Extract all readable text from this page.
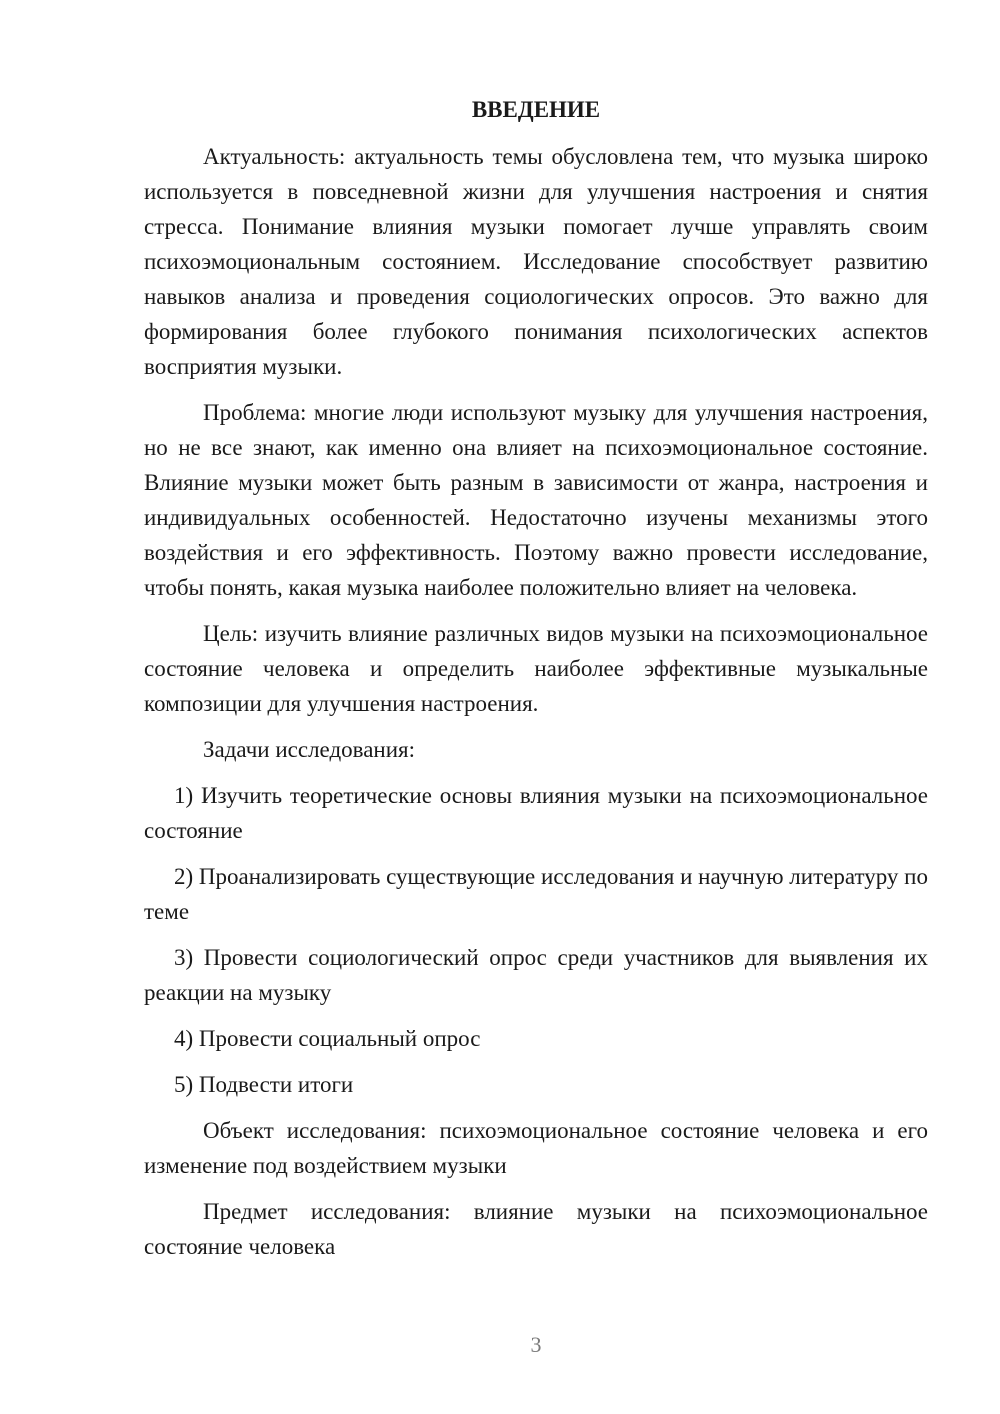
ВВЕДЕНИЕ

Актуальность: актуальность темы обусловлена тем, что музыка широко используется в повседневной жизни для улучшения настроения и снятия стресса. Понимание влияния музыки помогает лучше управлять своим психоэмоциональным состоянием. Исследование способствует развитию навыков анализа и проведения социологических опросов. Это важно для формирования более глубокого понимания психологических аспектов восприятия музыки.

Проблема: многие люди используют музыку для улучшения настроения, но не все знают, как именно она влияет на психоэмоциональное состояние. Влияние музыки может быть разным в зависимости от жанра, настроения и индивидуальных особенностей. Недостаточно изучены механизмы этого воздействия и его эффективность. Поэтому важно провести исследование, чтобы понять, какая музыка наиболее положительно влияет на человека.

Цель: изучить влияние различных видов музыки на психоэмоциональное состояние человека и определить наиболее эффективные музыкальные композиции для улучшения настроения.

Задачи исследования:

1) Изучить теоретические основы влияния музыки на психоэмоциональное состояние

2) Проанализировать существующие исследования и научную литературу по теме

3) Провести социологический опрос среди участников для выявления их реакции на музыку

4) Провести социальный опрос

5) Подвести итоги

Объект исследования: психоэмоциональное состояние человека и его изменение под воздействием музыки

Предмет исследования: влияние музыки на психоэмоциональное состояние человека

3
